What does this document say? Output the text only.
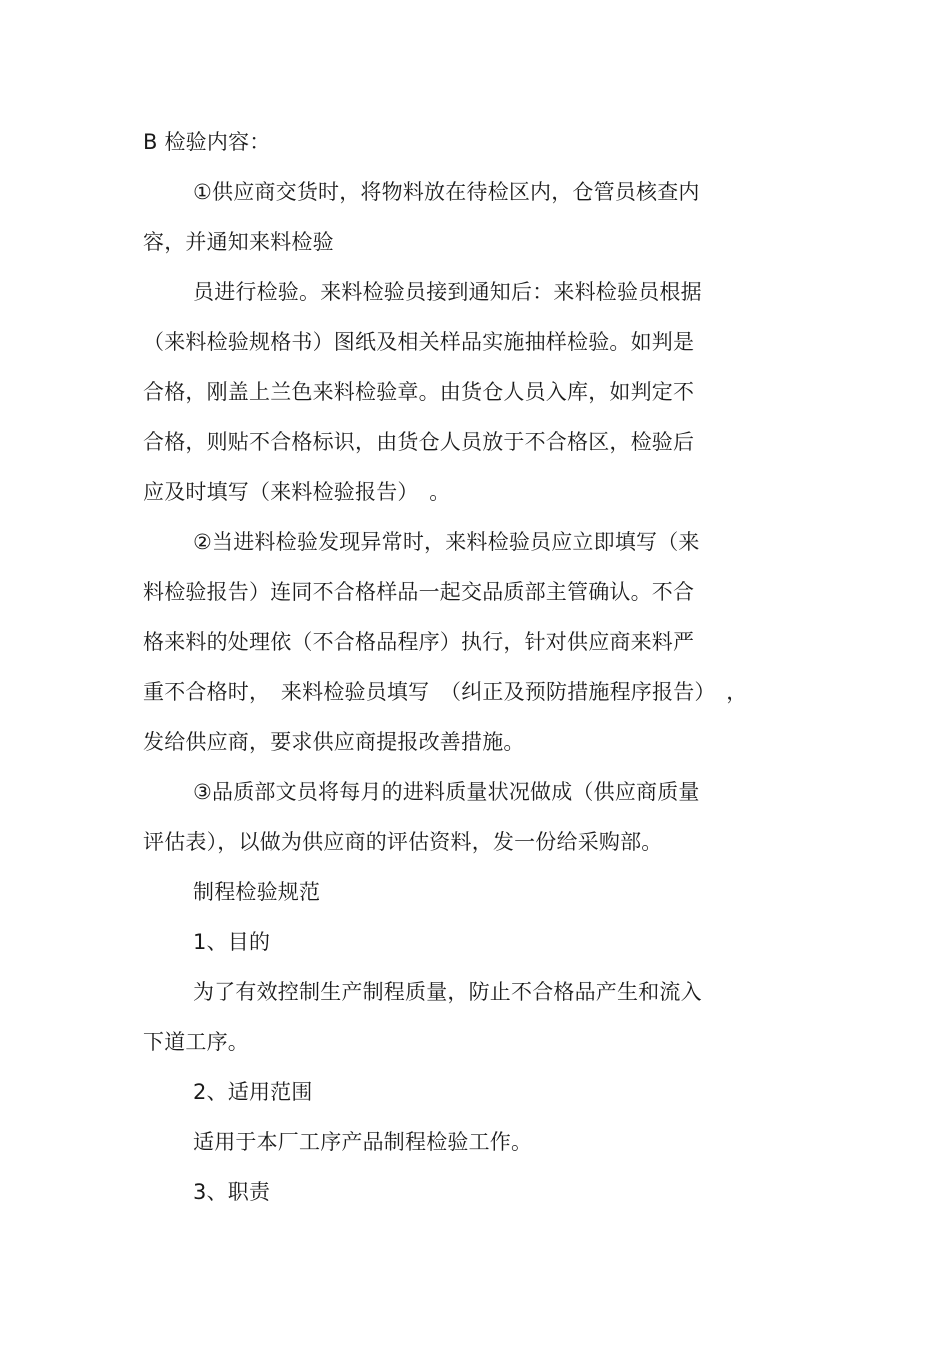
B 检验内容：
①供应商交货时，将物料放在待检区内，仓管员核查内
容，并通知来料检验
员进行检验。来料检验员接到通知后：来料检验员根据
（来料检验规格书）图纸及相关样品实施抽样检验。如判是
合格，刚盖上兰色来料检验章。由货仓人员入库，如判定不
合格，则贴不合格标识，由货仓人员放于不合格区，检验后
应及时填写（来料检验报告）　。
②当进料检验发现异常时，来料检验员应立即填写（来
料检验报告）连同不合格样品一起交品质部主管确认。不合
格来料的处理依（不合格品程序）执行，针对供应商来料严
重不合格时，　来料检验员填写　（纠正及预防措施程序报告）　，
发给供应商，要求供应商提报改善措施。
③品质部文员将每月的进料质量状况做成（供应商质量
评估表），以做为供应商的评估资料，发一份给采购部。
制程检验规范
1、目的
为了有效控制生产制程质量，防止不合格品产生和流入
下道工序。
2、适用范围
适用于本厂工序产品制程检验工作。
3、职责
